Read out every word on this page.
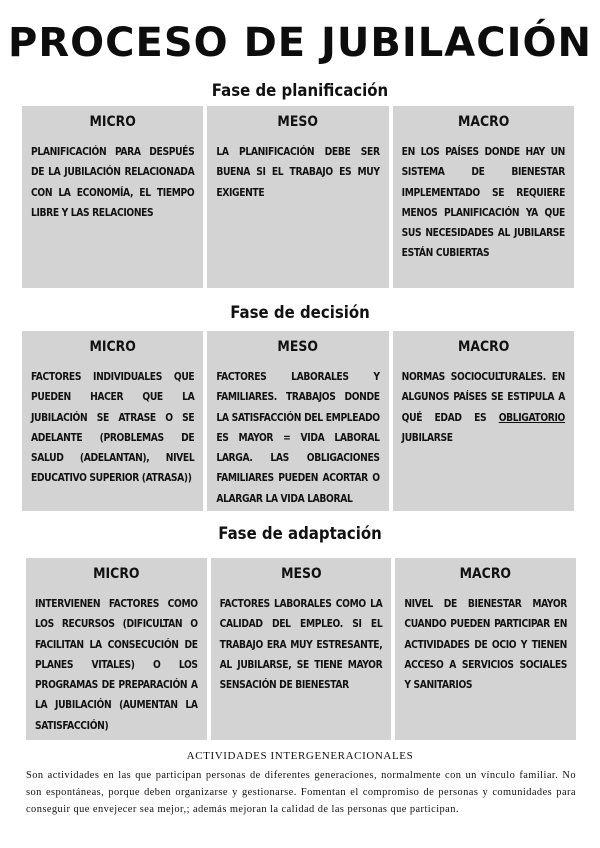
PROCESO DE JUBILACIÓN
Fase de planificación
MICRO
PLANIFICACIÓN PARA DESPUÉS DE LA JUBILACIÓN RELACIONADA CON LA ECONOMÍA, EL TIEMPO LIBRE Y LAS RELACIONES
MESO
LA PLANIFICACIÓN DEBE SER BUENA SI EL TRABAJO ES MUY EXIGENTE
MACRO
EN LOS PAÍSES DONDE HAY UN SISTEMA DE BIENESTAR IMPLEMENTADO SE REQUIERE MENOS PLANIFICACIÓN YA QUE SUS NECESIDADES AL JUBILARSE ESTÁN CUBIERTAS
Fase de decisión
MICRO
FACTORES INDIVIDUALES QUE PUEDEN HACER QUE LA JUBILACIÓN SE ATRASE O SE ADELANTE (PROBLEMAS DE SALUD (ADELANTAN), NIVEL EDUCATIVO SUPERIOR (ATRASA))
MESO
FACTORES LABORALES Y FAMILIARES. TRABAJOS DONDE LA SATISFACCIÓN DEL EMPLEADO ES MAYOR = VIDA LABORAL LARGA. LAS OBLIGACIONES FAMILIARES PUEDEN ACORTAR O ALARGAR LA VIDA LABORAL
MACRO
NORMAS SOCIOCULTURALES. EN ALGUNOS PAÍSES SE ESTIPULA A QUÉ EDAD ES OBLIGATORIO JUBILARSE
Fase de adaptación
MICRO
INTERVIENEN FACTORES COMO LOS RECURSOS (DIFICULTAN O FACILITAN LA CONSECUCIÓN DE PLANES VITALES) O LOS PROGRAMAS DE PREPARACIÓN A LA JUBILACIÓN (AUMENTAN LA SATISFACCIÓN)
MESO
FACTORES LABORALES COMO LA CALIDAD DEL EMPLEO. SI EL TRABAJO ERA MUY ESTRESANTE, AL JUBILARSE, SE TIENE MAYOR SENSACIÓN DE BIENESTAR
MACRO
NIVEL DE BIENESTAR MAYOR CUANDO PUEDEN PARTICIPAR EN ACTIVIDADES DE OCIO Y TIENEN ACCESO A SERVICIOS SOCIALES Y SANITARIOS
ACTIVIDADES INTERGENERACIONALES
Son actividades en las que participan personas de diferentes generaciones, normalmente con un vínculo familiar. No son espontáneas, porque deben organizarse y gestionarse. Fomentan el compromiso de personas y comunidades para conseguir que envejecer sea mejor,; además mejoran la calidad de las personas que participan.
